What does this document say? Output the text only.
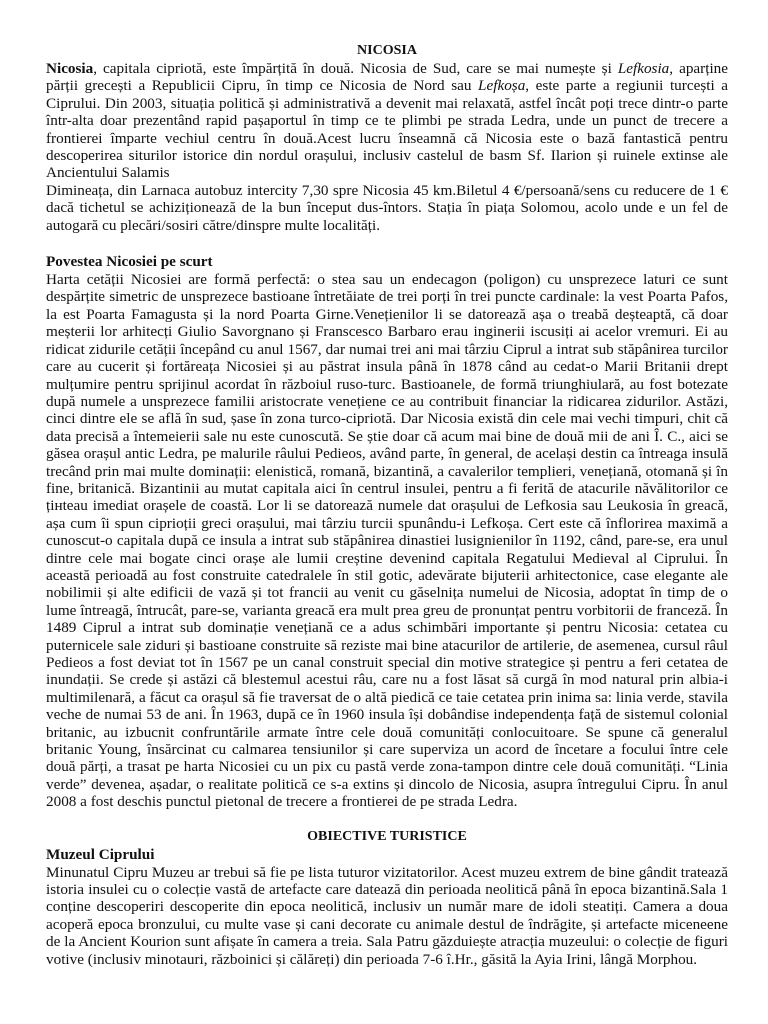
NICOSIA

Nicosia, capitala cipriotă, este împărțită în două. Nicosia de Sud, care se mai numește și Lefkosia, aparține părții grecești a Republicii Cipru, în timp ce Nicosia de Nord sau Lefkoșa, este parte a regiunii turcești a Ciprului. Din 2003, situația politică și administrativă a devenit mai relaxată, astfel încât poți trece dintr-o parte într-alta doar prezentând rapid pașaportul în timp ce te plimbi pe strada Ledra, unde un punct de trecere a frontierei împarte vechiul centru în două.Acest lucru înseamnă că Nicosia este o bază fantastică pentru descoperirea siturilor istorice din nordul orașului, inclusiv castelul de basm Sf. Ilarion și ruinele extinse ale Ancientului Salamis

Dimineața, din Larnaca autobuz intercity 7,30 spre Nicosia 45 km.Biletul 4 €/persoană/sens cu reducere de 1 € dacă tichetul se achiziționează de la bun început dus-întors. Stația în piața Solomou, acolo unde e un fel de autogară cu plecări/sosiri către/dinspre multe localități.

Povestea Nicosiei pe scurt

Harta cetății Nicosiei are formă perfectă: o stea sau un endecagon (poligon) cu unsprezece laturi ce sunt despărțite simetric de unsprezece bastioane întretăiate de trei porți în trei puncte cardinale: la vest Poarta Pafos, la est Poarta Famagusta și la nord Poarta Girne.Venețienilor li se datorează așa o treabă deșteaptă, că doar meșterii lor arhitecți Giulio Savorgnano și Franscesco Barbaro erau inginerii iscusiți ai acelor vremuri. Ei au ridicat zidurile cetății începând cu anul 1567, dar numai trei ani mai târziu Ciprul a intrat sub stăpânirea turcilor care au cucerit și fortăreața Nicosiei și au păstrat insula până în 1878 când au cedat-o Marii Britanii drept mulțumire pentru sprijinul acordat în războiul ruso-turc. Bastioanele, de formă triunghiulară, au fost botezate după numele a unsprezece familii aristocrate venețiene ce au contribuit financiar la ridicarea zidurilor. Astăzi, cinci dintre ele se află în sud, șase în zona turco-cipriotă. Dar Nicosia există din cele mai vechi timpuri, chit că data precisă a întemeierii sale nu este cunoscută. Se știe doar că acum mai bine de două mii de ani Î. C., aici se găsea orașul antic Ledra, pe malurile râului Pedieos, având parte, în general, de același destin ca întreaga insulă trecând prin mai multe dominații: elenistică, romană, bizantină, a cavalerilor templieri, venețiană, otomană și în fine, britanică. Bizantinii au mutat capitala aici în centrul insulei, pentru a fi ferită de atacurile năvălitorilor ce țінteau imediat orașele de coastă. Lor li se datorează numele dat orașului de Lefkosia sau Leukosia în greacă, așa cum îi spun ciprioții greci orașului, mai târziu turcii spunându-i Lefkoșa. Cert este că înflorirea maximă a cunoscut-o capitala după ce insula a intrat sub stăpânirea dinastiei lusignienilor în 1192, când, pare-se, era unul dintre cele mai bogate cinci orașe ale lumii creștine devenind capitala Regatului Medieval al Ciprului. În această perioadă au fost construite catedralele în stil gotic, adevărate bijuterii arhitectonice, case elegante ale nobilimii și alte edificii de vază și tot francii au venit cu găselnița numelui de Nicosia, adoptat în timp de o lume întreagă, întrucât, pare-se, varianta greacă era mult prea greu de pronunțat pentru vorbitorii de franceză. În 1489 Ciprul a intrat sub dominație venețiană ce a adus schimbări importante și pentru Nicosia: cetatea cu puternicele sale ziduri și bastioane construite să reziste mai bine atacurilor de artilerie, de asemenea, cursul râul Pedieos a fost deviat tot în 1567 pe un canal construit special din motive strategice și pentru a feri cetatea de inundații. Se crede și astăzi că blestemul acestui râu, care nu a fost lăsat să curgă în mod natural prin albia-i multimilenară, a făcut ca orașul să fie traversat de o altă piedică ce taie cetatea prin inima sa: linia verde, stavila veche de numai 53 de ani. În 1963, după ce în 1960 insula își dobândise independența față de sistemul colonial britanic, au izbucnit confruntările armate între cele două comunități conlocuitoare. Se spune că generalul britanic Young, însărcinat cu calmarea tensiunilor și care superviza un acord de încetare a focului între cele două părți, a trasat pe harta Nicosiei cu un pix cu pastă verde zona-tampon dintre cele două comunități. “Linia verde” devenea, așadar, o realitate politică ce s-a extins și dincolo de Nicosia, asupra întregului Cipru. În anul 2008 a fost deschis punctul pietonal de trecere a frontierei de pe strada Ledra.

OBIECTIVE TURISTICE
Muzeul Ciprului

Minunatul Cipru Muzeu ar trebui să fie pe lista tuturor vizitatorilor. Acest muzeu extrem de bine gândit tratează istoria insulei cu o colecție vastă de artefacte care datează din perioada neolitică până în epoca bizantină.Sala 1 conține descoperiri descoperite din epoca neolitică, inclusiv un număr mare de idoli steatiți. Camera a doua acoperă epoca bronzului, cu multe vase și cani decorate cu animale destul de îndrăgite, și artefacte miceneene de la Ancient Kourion sunt afișate în camera a treia. Sala Patru găzduiește atracția muzeului: o colecție de figuri votive (inclusiv minotauri, războinici și călăreți) din perioada 7-6 î.Hr., găsită la Ayia Irini, lângă Morphou.
